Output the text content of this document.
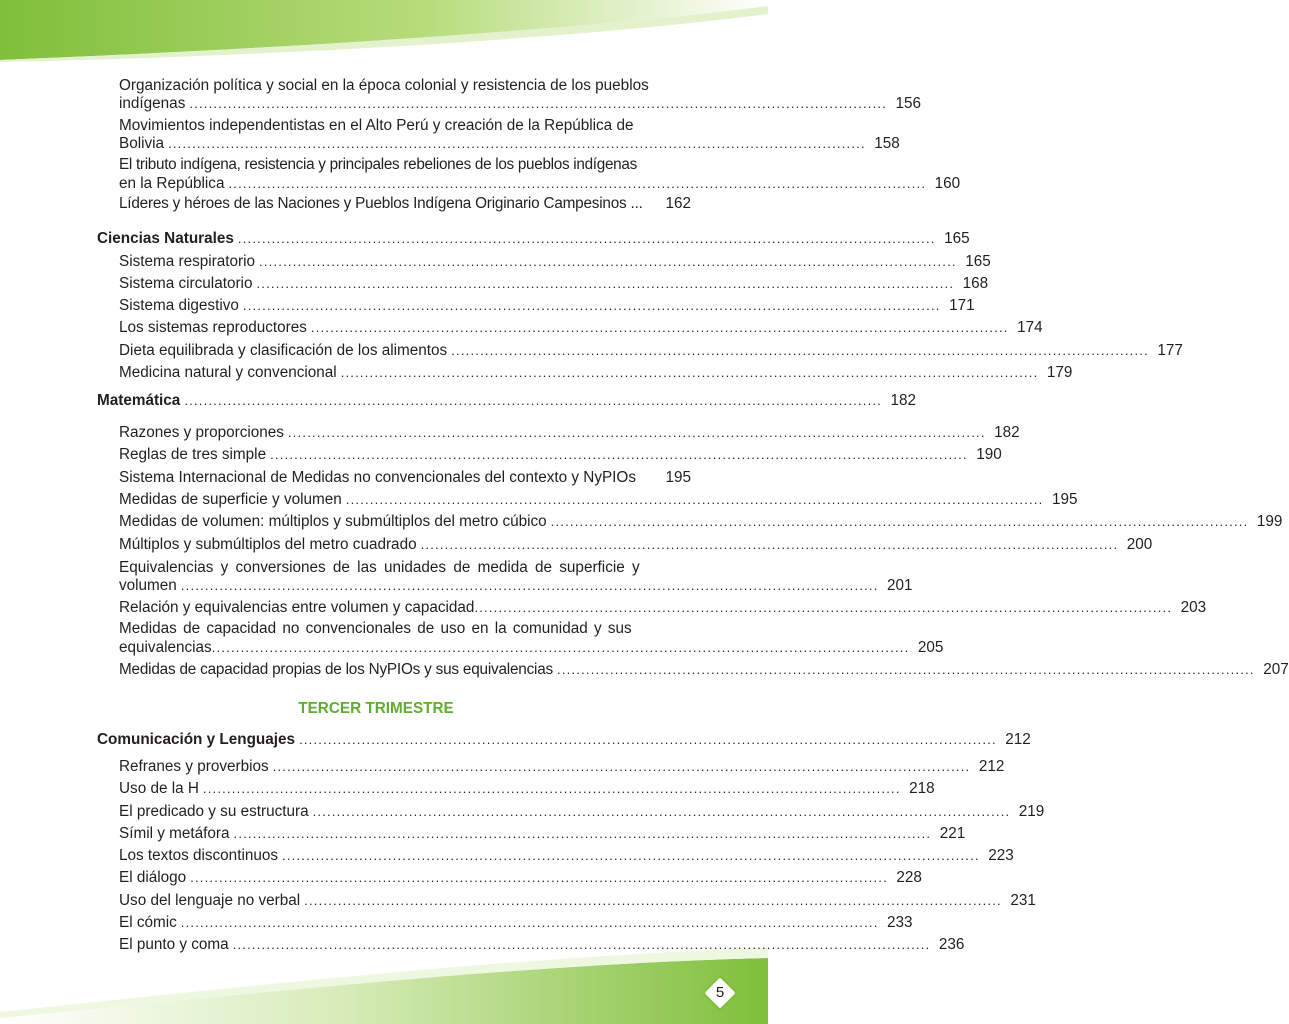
5
Organización política y social en la época colonial y resistencia de los pueblos
indígenas ................................................................................................................................................. 156
Movimientos independentistas en el Alto Perú y creación de la República de
Bolivia ................................................................................................................................................. 158
El tributo indígena, resistencia y principales rebeliones de los pueblos indígenas
en la República ................................................................................................................................................. 160
Líderes y héroes de las Naciones y Pueblos Indígena Originario Campesinos ... 162
Ciencias Naturales ................................................................................................................................................. 165
Sistema respiratorio ................................................................................................................................................. 165
Sistema circulatorio ................................................................................................................................................. 168
Sistema digestivo ................................................................................................................................................. 171
Los sistemas reproductores ................................................................................................................................................. 174
Dieta equilibrada y clasificación de los alimentos ................................................................................................................................................. 177
Medicina natural y convencional ................................................................................................................................................. 179
Matemática ................................................................................................................................................. 182
Razones y proporciones ................................................................................................................................................. 182
Reglas de tres simple ................................................................................................................................................. 190
Sistema Internacional de Medidas no convencionales del contexto y NyPIOs 195
Medidas de superficie y volumen ................................................................................................................................................. 195
Medidas de volumen: múltiplos y submúltiplos del metro cúbico ................................................................................................................................................. 199
Múltiplos y submúltiplos del metro cuadrado ................................................................................................................................................. 200
Equivalencias y conversiones de las unidades de medida de superficie y
volumen ................................................................................................................................................. 201
Relación y equivalencias entre volumen y capacidad ................................................................................................................................................. 203
Medidas de capacidad no convencionales de uso en la comunidad y sus
equivalencias ................................................................................................................................................. 205
Medidas de capacidad propias de los NyPIOs y sus equivalencias ................................................................................................................................................. 207
TERCER TRIMESTRE
Comunicación y Lenguajes ................................................................................................................................................. 212
Refranes y proverbios ................................................................................................................................................. 212
Uso de la H ................................................................................................................................................. 218
El predicado y su estructura ................................................................................................................................................. 219
Símil y metáfora ................................................................................................................................................. 221
Los textos discontinuos ................................................................................................................................................. 223
El diálogo ................................................................................................................................................. 228
Uso del lenguaje no verbal ................................................................................................................................................. 231
El cómic ................................................................................................................................................. 233
El punto y coma ................................................................................................................................................. 236
